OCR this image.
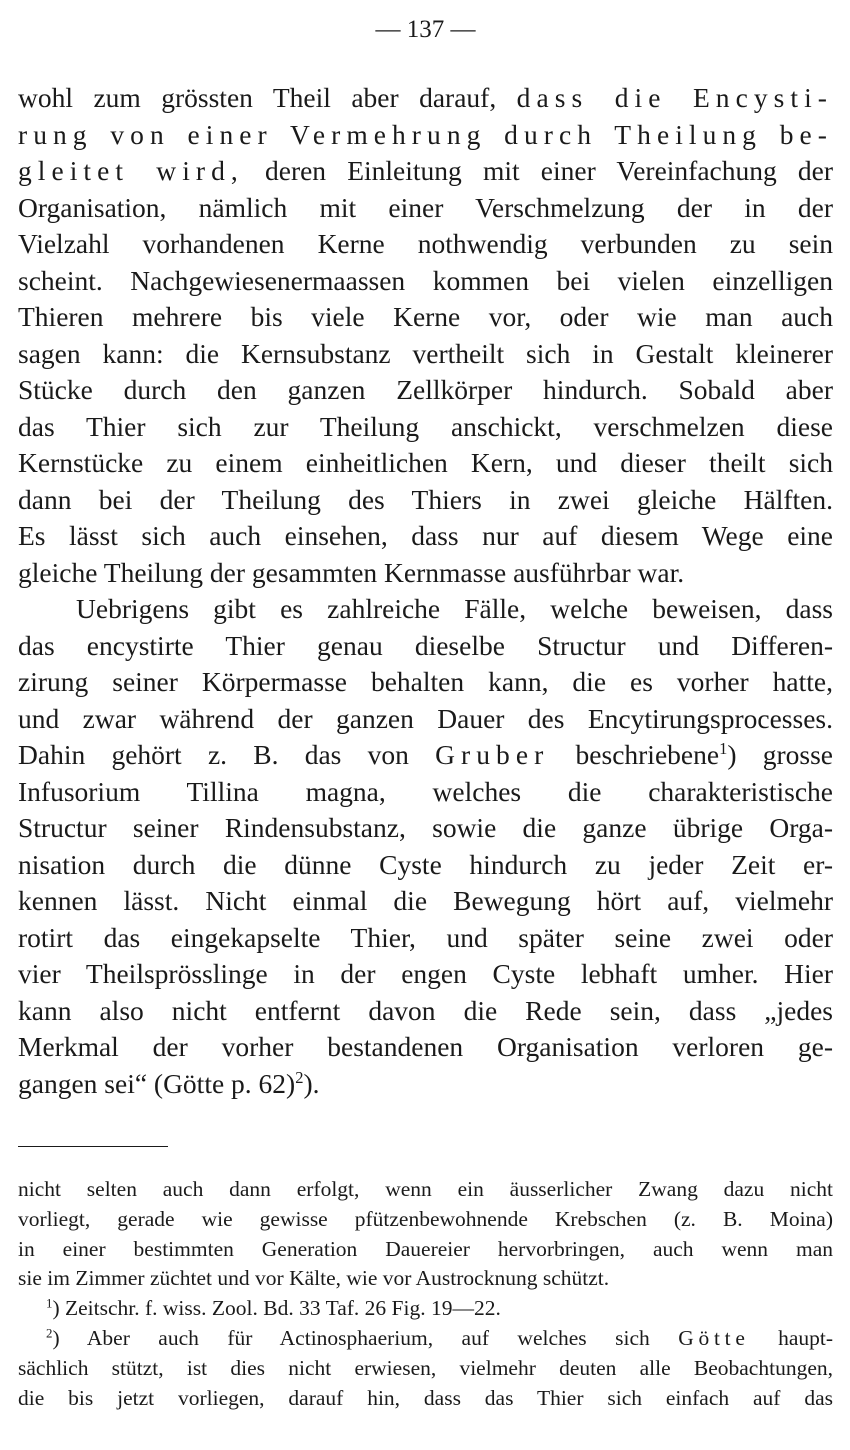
— 137 —
wohl zum grössten Theil aber darauf, dass die Encysti-
rung von einer Vermehrung durch Theilung be-
gleitet wird, deren Einleitung mit einer Vereinfachung der
Organisation, nämlich mit einer Verschmelzung der in der
Vielzahl vorhandenen Kerne nothwendig verbunden zu sein
scheint. Nachgewiesenermaassen kommen bei vielen einzelligen
Thieren mehrere bis viele Kerne vor, oder wie man auch
sagen kann: die Kernsubstanz vertheilt sich in Gestalt kleinerer
Stücke durch den ganzen Zellkörper hindurch. Sobald aber
das Thier sich zur Theilung anschickt, verschmelzen diese
Kernstücke zu einem einheitlichen Kern, und dieser theilt sich
dann bei der Theilung des Thiers in zwei gleiche Hälften.
Es lässt sich auch einsehen, dass nur auf diesem Wege eine
gleiche Theilung der gesammten Kernmasse ausführbar war.
Uebrigens gibt es zahlreiche Fälle, welche beweisen, dass
das encystirte Thier genau dieselbe Structur und Differen-
zirung seiner Körpermasse behalten kann, die es vorher hatte,
und zwar während der ganzen Dauer des Encytirungsprocesses.
Dahin gehört z. B. das von Gruber beschriebene$^1$) grosse
Infusorium Tillina magna, welches die charakteristische
Structur seiner Rindensubstanz, sowie die ganze übrige Orga-
nisation durch die dünne Cyste hindurch zu jeder Zeit er-
kennen lässt. Nicht einmal die Bewegung hört auf, vielmehr
rotirt das eingekapselte Thier, und später seine zwei oder
vier Theilsprösslinge in der engen Cyste lebhaft umher. Hier
kann also nicht entfernt davon die Rede sein, dass „jedes
Merkmal der vorher bestandenen Organisation verloren ge-
gangen sei“ (Götte p. 62)$^2$).
nicht selten auch dann erfolgt, wenn ein äusserlicher Zwang dazu nicht
vorliegt, gerade wie gewisse pfützenbewohnende Krebschen (z. B. Moina)
in einer bestimmten Generation Dauereier hervorbringen, auch wenn man
sie im Zimmer züchtet und vor Kälte, wie vor Austrocknung schützt.
$^1$) Zeitschr. f. wiss. Zool. Bd. 33 Taf. 26 Fig. 19—22.
$^2$) Aber auch für Actinosphaerium, auf welches sich Götte haupt-
sächlich stützt, ist dies nicht erwiesen, vielmehr deuten alle Beobachtungen,
die bis jetzt vorliegen, darauf hin, dass das Thier sich einfach auf das
